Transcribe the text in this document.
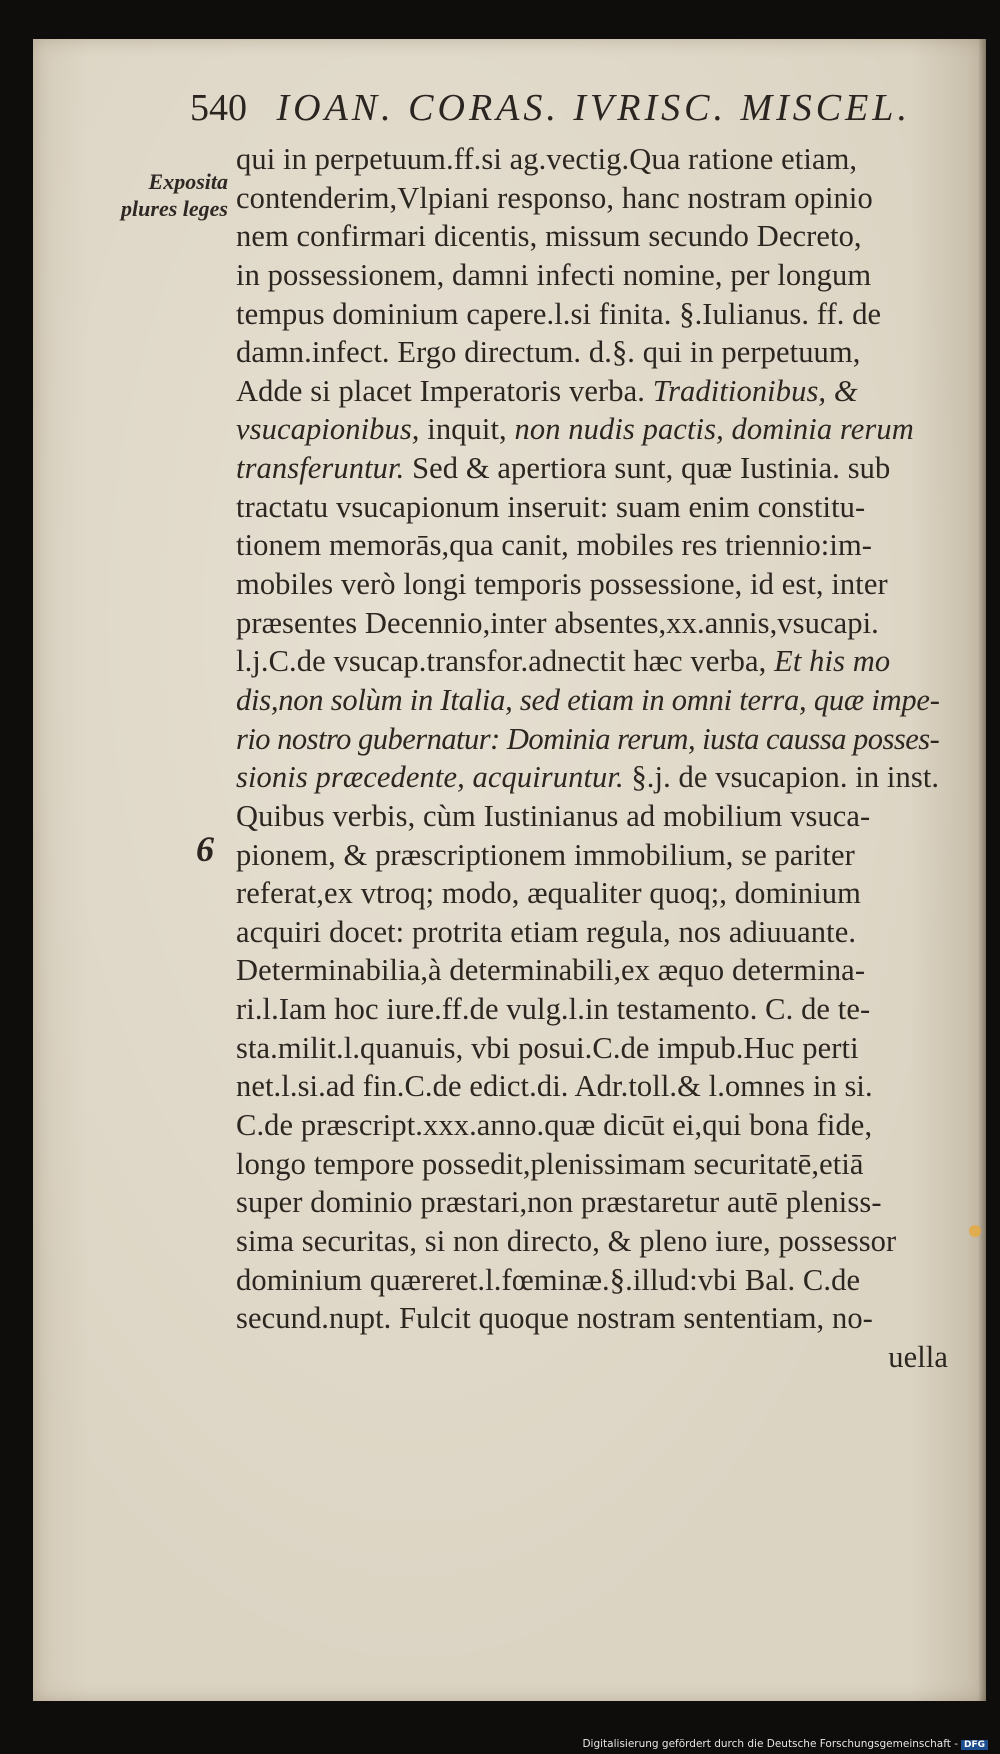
540 IOAN. CORAS. IVRISC. MISCEL.
Exposita
plures leges
6
qui in perpetuum.ff.si ag.vectig.Qua ratione etiam,
contenderim,Vlpiani responso, hanc nostram opinio
nem confirmari dicentis, missum secundo Decreto,
in possessionem, damni infecti nomine, per longum
tempus dominium capere.l.si finita. §.Iulianus. ff. de
damn.infect. Ergo directum. d.§. qui in perpetuum,
Adde si placet Imperatoris verba. Traditionibus, &
vsucapionibus, inquit, non nudis pactis, dominia rerum
transferuntur. Sed & apertiora sunt, quæ Iustinia. sub
tractatu vsucapionum inseruit: suam enim constitu-
tionem memorās,qua canit, mobiles res triennio:im-
mobiles verò longi temporis possessione, id est, inter
præsentes Decennio,inter absentes,xx.annis,vsucapi.
l.j.C.de vsucap.transfor.adnectit hæc verba, Et his mo
dis,non solùm in Italia, sed etiam in omni terra, quæ impe-
rio nostro gubernatur: Dominia rerum, iusta caussa posses-
sionis præcedente, acquiruntur. §.j. de vsucapion. in inst.
Quibus verbis, cùm Iustinianus ad mobilium vsuca-
pionem, & præscriptionem immobilium, se pariter
referat,ex vtroq; modo, æqualiter quoq;, dominium
acquiri docet: protrita etiam regula, nos adiuuante.
Determinabilia,à determinabili,ex æquo determina-
ri.l.Iam hoc iure.ff.de vulg.l.in testamento. C. de te-
sta.milit.l.quanuis, vbi posui.C.de impub.Huc perti
net.l.si.ad fin.C.de edict.di. Adr.toll.& l.omnes in si.
C.de præscript.xxx.anno.quæ dicūt ei,qui bona fide,
longo tempore possedit,plenissimam securitatē,etiā
super dominio præstari,non præstaretur autē pleniss-
sima securitas, si non directo, & pleno iure, possessor
dominium quæreret.l.fœminæ.§.illud:vbi Bal. C.de
secund.nupt. Fulcit quoque nostram sententiam, no-
uella
Digitalisierung gefördert durch die Deutsche Forschungsgemeinschaft - DFG
